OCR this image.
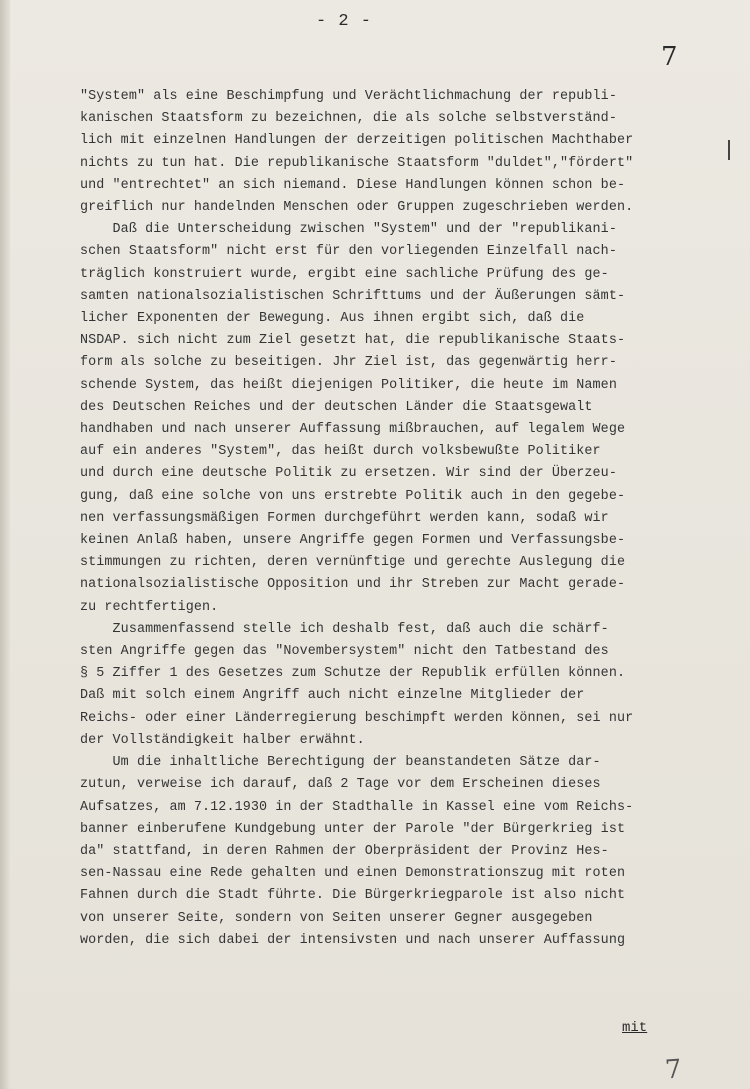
- 2 -
7
"System" als eine Beschimpfung und Verächtlichmachung der republi-
kanischen Staatsform zu bezeichnen, die als solche selbstverständ-
lich mit einzelnen Handlungen der derzeitigen politischen Machthaber
nichts zu tun hat. Die republikanische Staatsform "duldet","fördert"
und "entrechtet" an sich niemand. Diese Handlungen können schon be-
greiflich nur handelnden Menschen oder Gruppen zugeschrieben werden.
Daß die Unterscheidung zwischen "System" und der "republikani-
schen Staatsform" nicht erst für den vorliegenden Einzelfall nach-
träglich konstruiert wurde, ergibt eine sachliche Prüfung des ge-
samten nationalsozialistischen Schrifttums und der Äußerungen sämt-
licher Exponenten der Bewegung. Aus ihnen ergibt sich, daß die
NSDAP. sich nicht zum Ziel gesetzt hat, die republikanische Staats-
form als solche zu beseitigen. Jhr Ziel ist, das gegenwärtig herr-
schende System, das heißt diejenigen Politiker, die heute im Namen
des Deutschen Reiches und der deutschen Länder die Staatsgewalt
handhaben und nach unserer Auffassung mißbrauchen, auf legalem Wege
auf ein anderes "System", das heißt durch volksbewußte Politiker
und durch eine deutsche Politik zu ersetzen. Wir sind der Überzeu-
gung, daß eine solche von uns erstrebte Politik auch in den gegebe-
nen verfassungsmäßigen Formen durchgeführt werden kann, sodaß wir
keinen Anlaß haben, unsere Angriffe gegen Formen und Verfassungsbe-
stimmungen zu richten, deren vernünftige und gerechte Auslegung die
nationalsozialistische Opposition und ihr Streben zur Macht gerade-
zu rechtfertigen.
Zusammenfassend stelle ich deshalb fest, daß auch die schärf-
sten Angriffe gegen das "Novembersystem" nicht den Tatbestand des
§ 5 Ziffer 1 des Gesetzes zum Schutze der Republik erfüllen können.
Daß mit solch einem Angriff auch nicht einzelne Mitglieder der
Reichs- oder einer Länderregierung beschimpft werden können, sei nur
der Vollständigkeit halber erwähnt.
Um die inhaltliche Berechtigung der beanstandeten Sätze dar-
zutun, verweise ich darauf, daß 2 Tage vor dem Erscheinen dieses
Aufsatzes, am 7.12.1930 in der Stadthalle in Kassel eine vom Reichs-
banner einberufene Kundgebung unter der Parole "der Bürgerkrieg ist
da" stattfand, in deren Rahmen der Oberpräsident der Provinz Hes-
sen-Nassau eine Rede gehalten und einen Demonstrationszug mit roten
Fahnen durch die Stadt führte. Die Bürgerkriegparole ist also nicht
von unserer Seite, sondern von Seiten unserer Gegner ausgegeben
worden, die sich dabei der intensivsten und nach unserer Auffassung
mit
7
